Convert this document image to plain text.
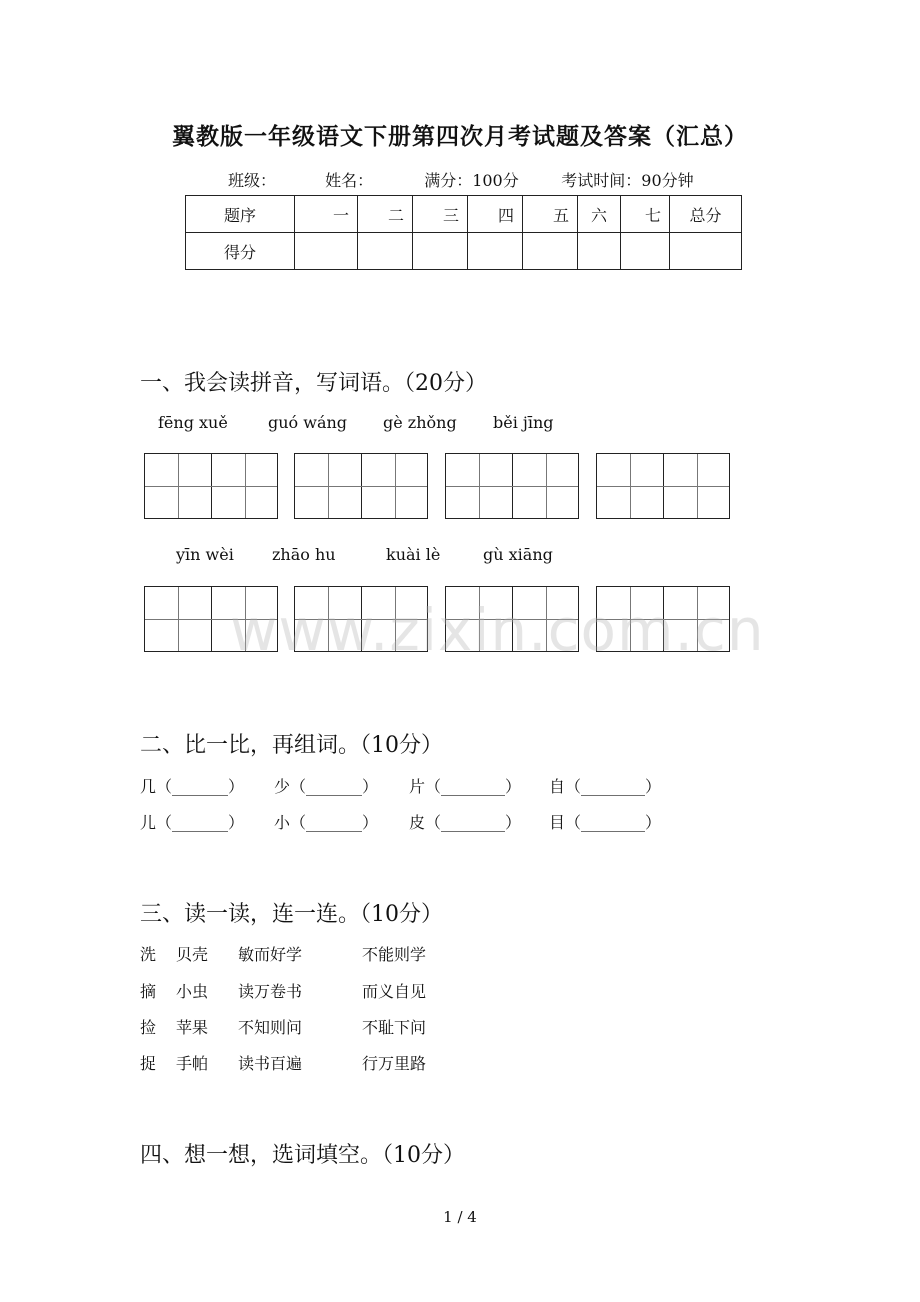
翼教版一年级语文下册第四次月考试题及答案（汇总）
班级：	姓名：	满分：100分	考试时间：90分钟
题序	一	二	三	四	五	六	七	总分
得分								
一、我会读拼音，写词语。（20分）
fēng xuě	guó wáng gè zhǒng běi jīng
yīn wèi zhāo hu	kuài lè	gù xiāng
www.zixin.com.cn
二、比一比，再组词。（10分）
几（_______） 少（_______） 片（________） 自（________）
儿（_______） 小（_______） 皮（________） 目（________）
三、读一读，连一连。（10分）
洗 贝壳 敏而好学	不能则学
摘 小虫 读万卷书	而义自见
捡 苹果 不知则问	不耻下问
捉 手帕 读书百遍	行万里路
四、想一想，选词填空。（10分）
1 / 4
